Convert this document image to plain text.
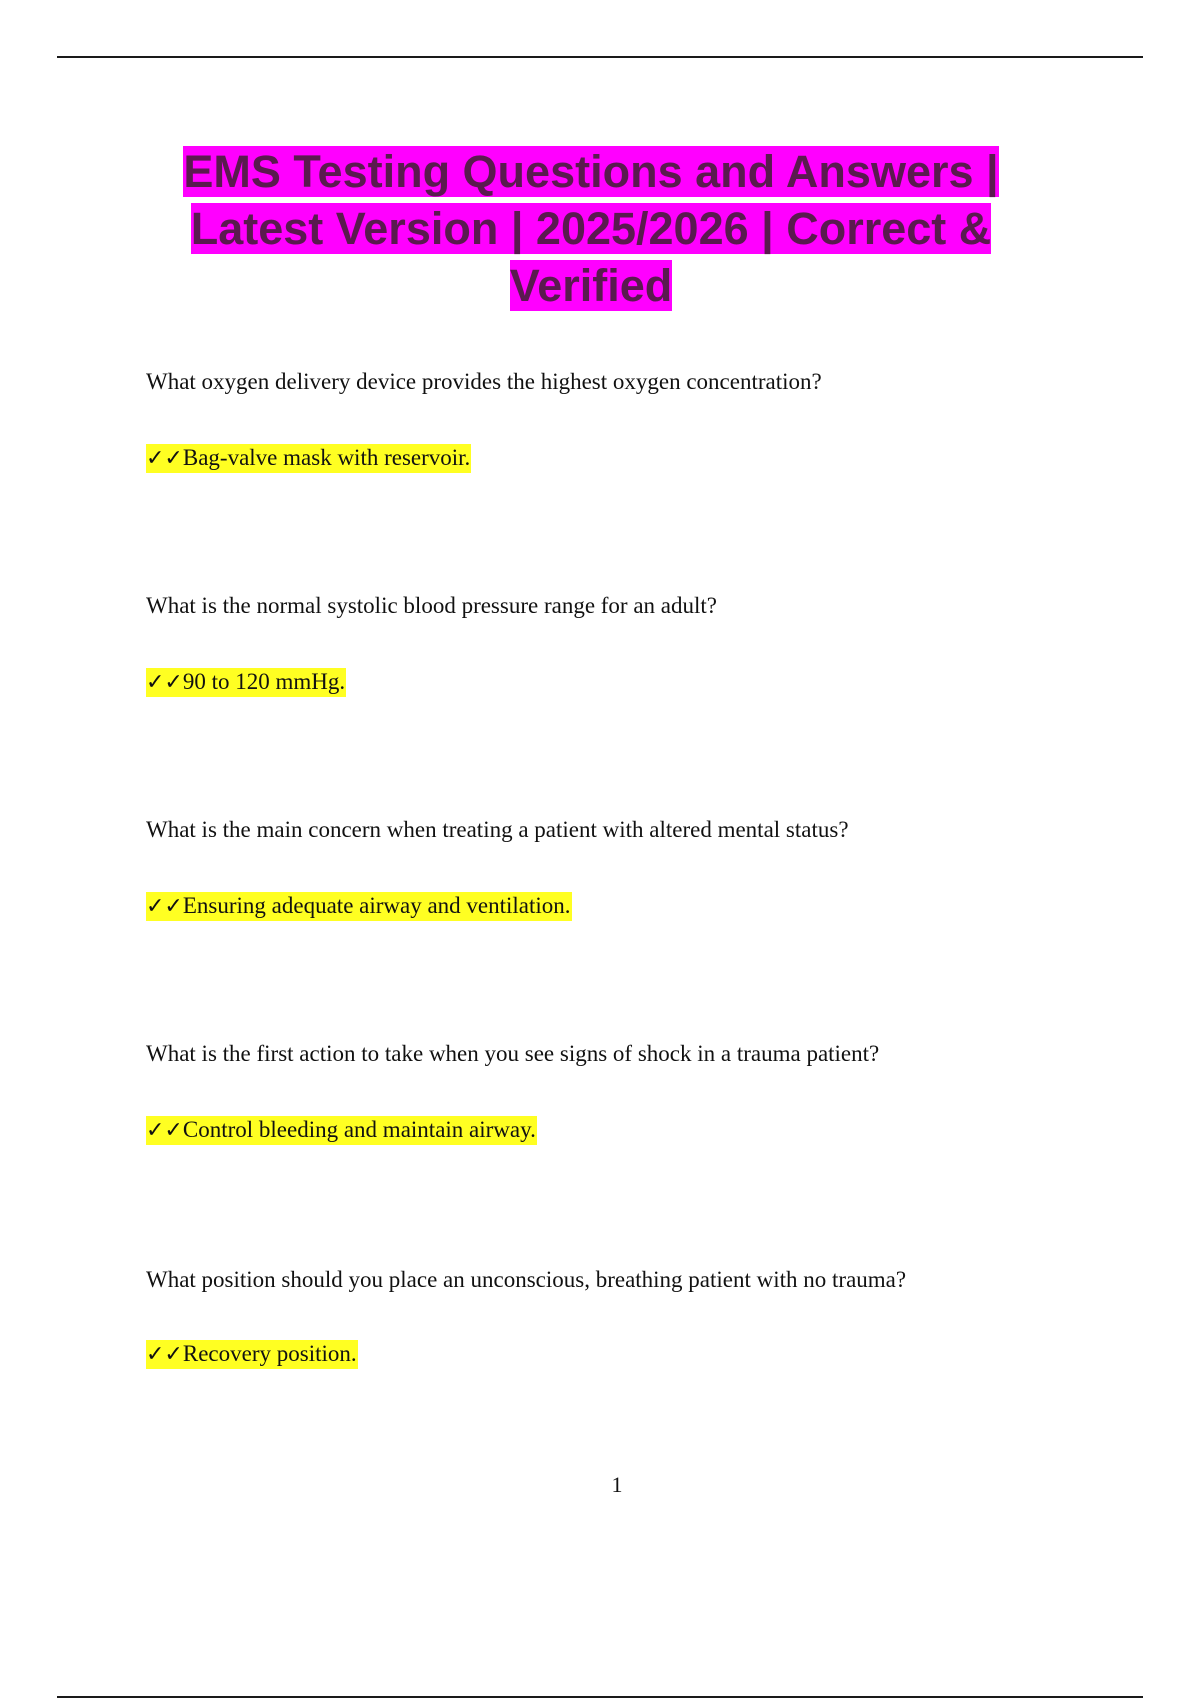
EMS Testing Questions and Answers | Latest Version | 2025/2026 | Correct & Verified
What oxygen delivery device provides the highest oxygen concentration?
✓✓Bag-valve mask with reservoir.
What is the normal systolic blood pressure range for an adult?
✓✓90 to 120 mmHg.
What is the main concern when treating a patient with altered mental status?
✓✓Ensuring adequate airway and ventilation.
What is the first action to take when you see signs of shock in a trauma patient?
✓✓Control bleeding and maintain airway.
What position should you place an unconscious, breathing patient with no trauma?
✓✓Recovery position.
1
